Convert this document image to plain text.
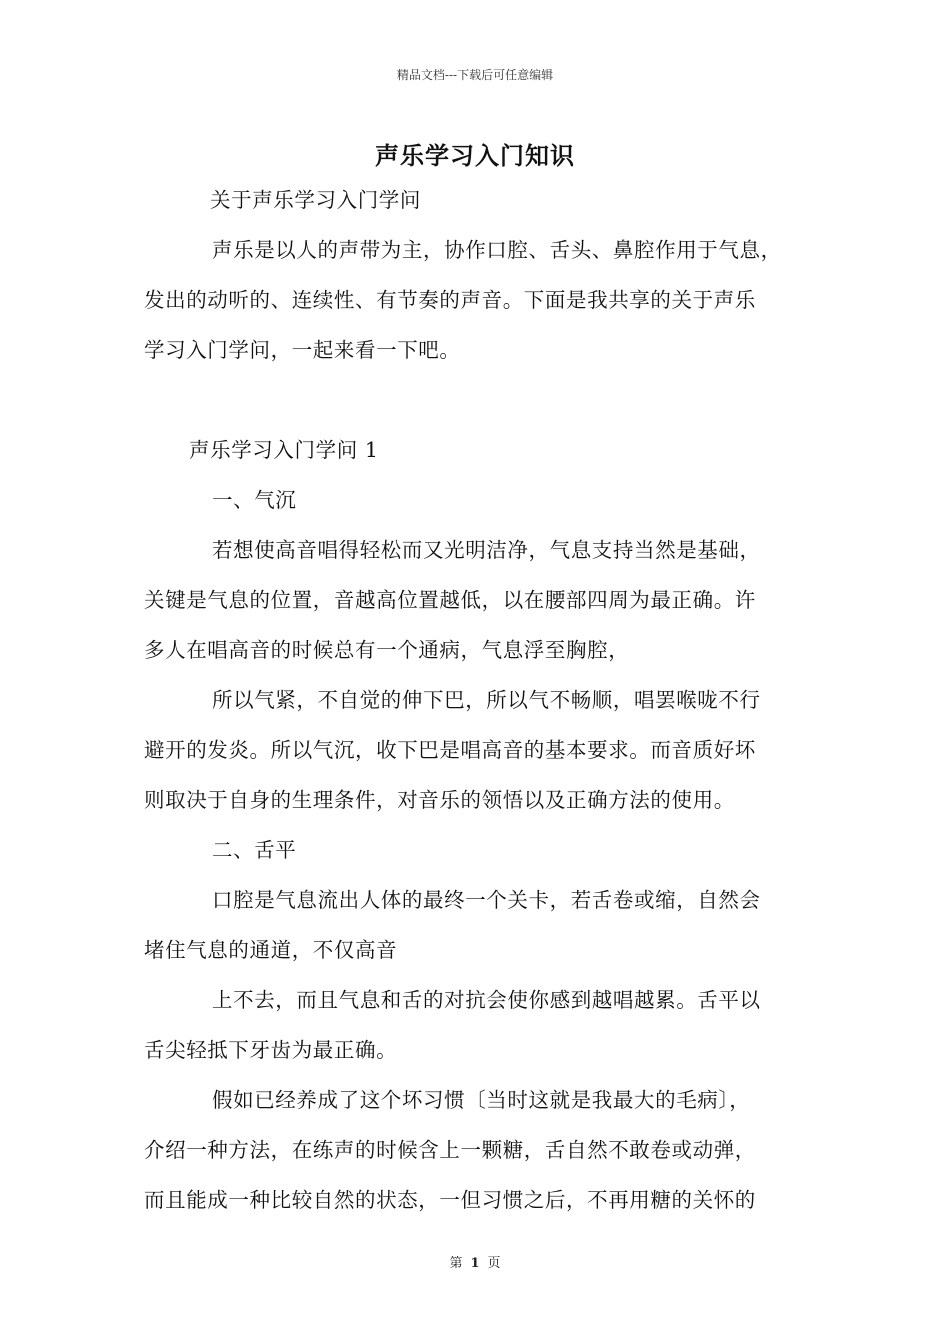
精品文档---下载后可任意编辑
声乐学习入门知识
关于声乐学习入门学问
声乐是以人的声带为主，协作口腔、舌头、鼻腔作用于气息，
发出的动听的、连续性、有节奏的声音。下面是我共享的关于声乐
学习入门学问，一起来看一下吧。
声乐学习入门学问 1
一、气沉
若想使高音唱得轻松而又光明洁净，气息支持当然是基础，
关键是气息的位置，音越高位置越低，以在腰部四周为最正确。许
多人在唱高音的时候总有一个通病，气息浮至胸腔，
所以气紧，不自觉的伸下巴，所以气不畅顺，唱罢喉咙不行
避开的发炎。所以气沉，收下巴是唱高音的基本要求。而音质好坏
则取决于自身的生理条件，对音乐的领悟以及正确方法的使用。
二、舌平
口腔是气息流出人体的最终一个关卡，若舌卷或缩，自然会
堵住气息的通道，不仅高音
上不去，而且气息和舌的对抗会使你感到越唱越累。舌平以
舌尖轻抵下牙齿为最正确。
假如已经养成了这个坏习惯〔当时这就是我最大的毛病〕，
介绍一种方法，在练声的时候含上一颗糖，舌自然不敢卷或动弹，
而且能成一种比较自然的状态，一但习惯之后，不再用糖的关怀的
第 1 页
